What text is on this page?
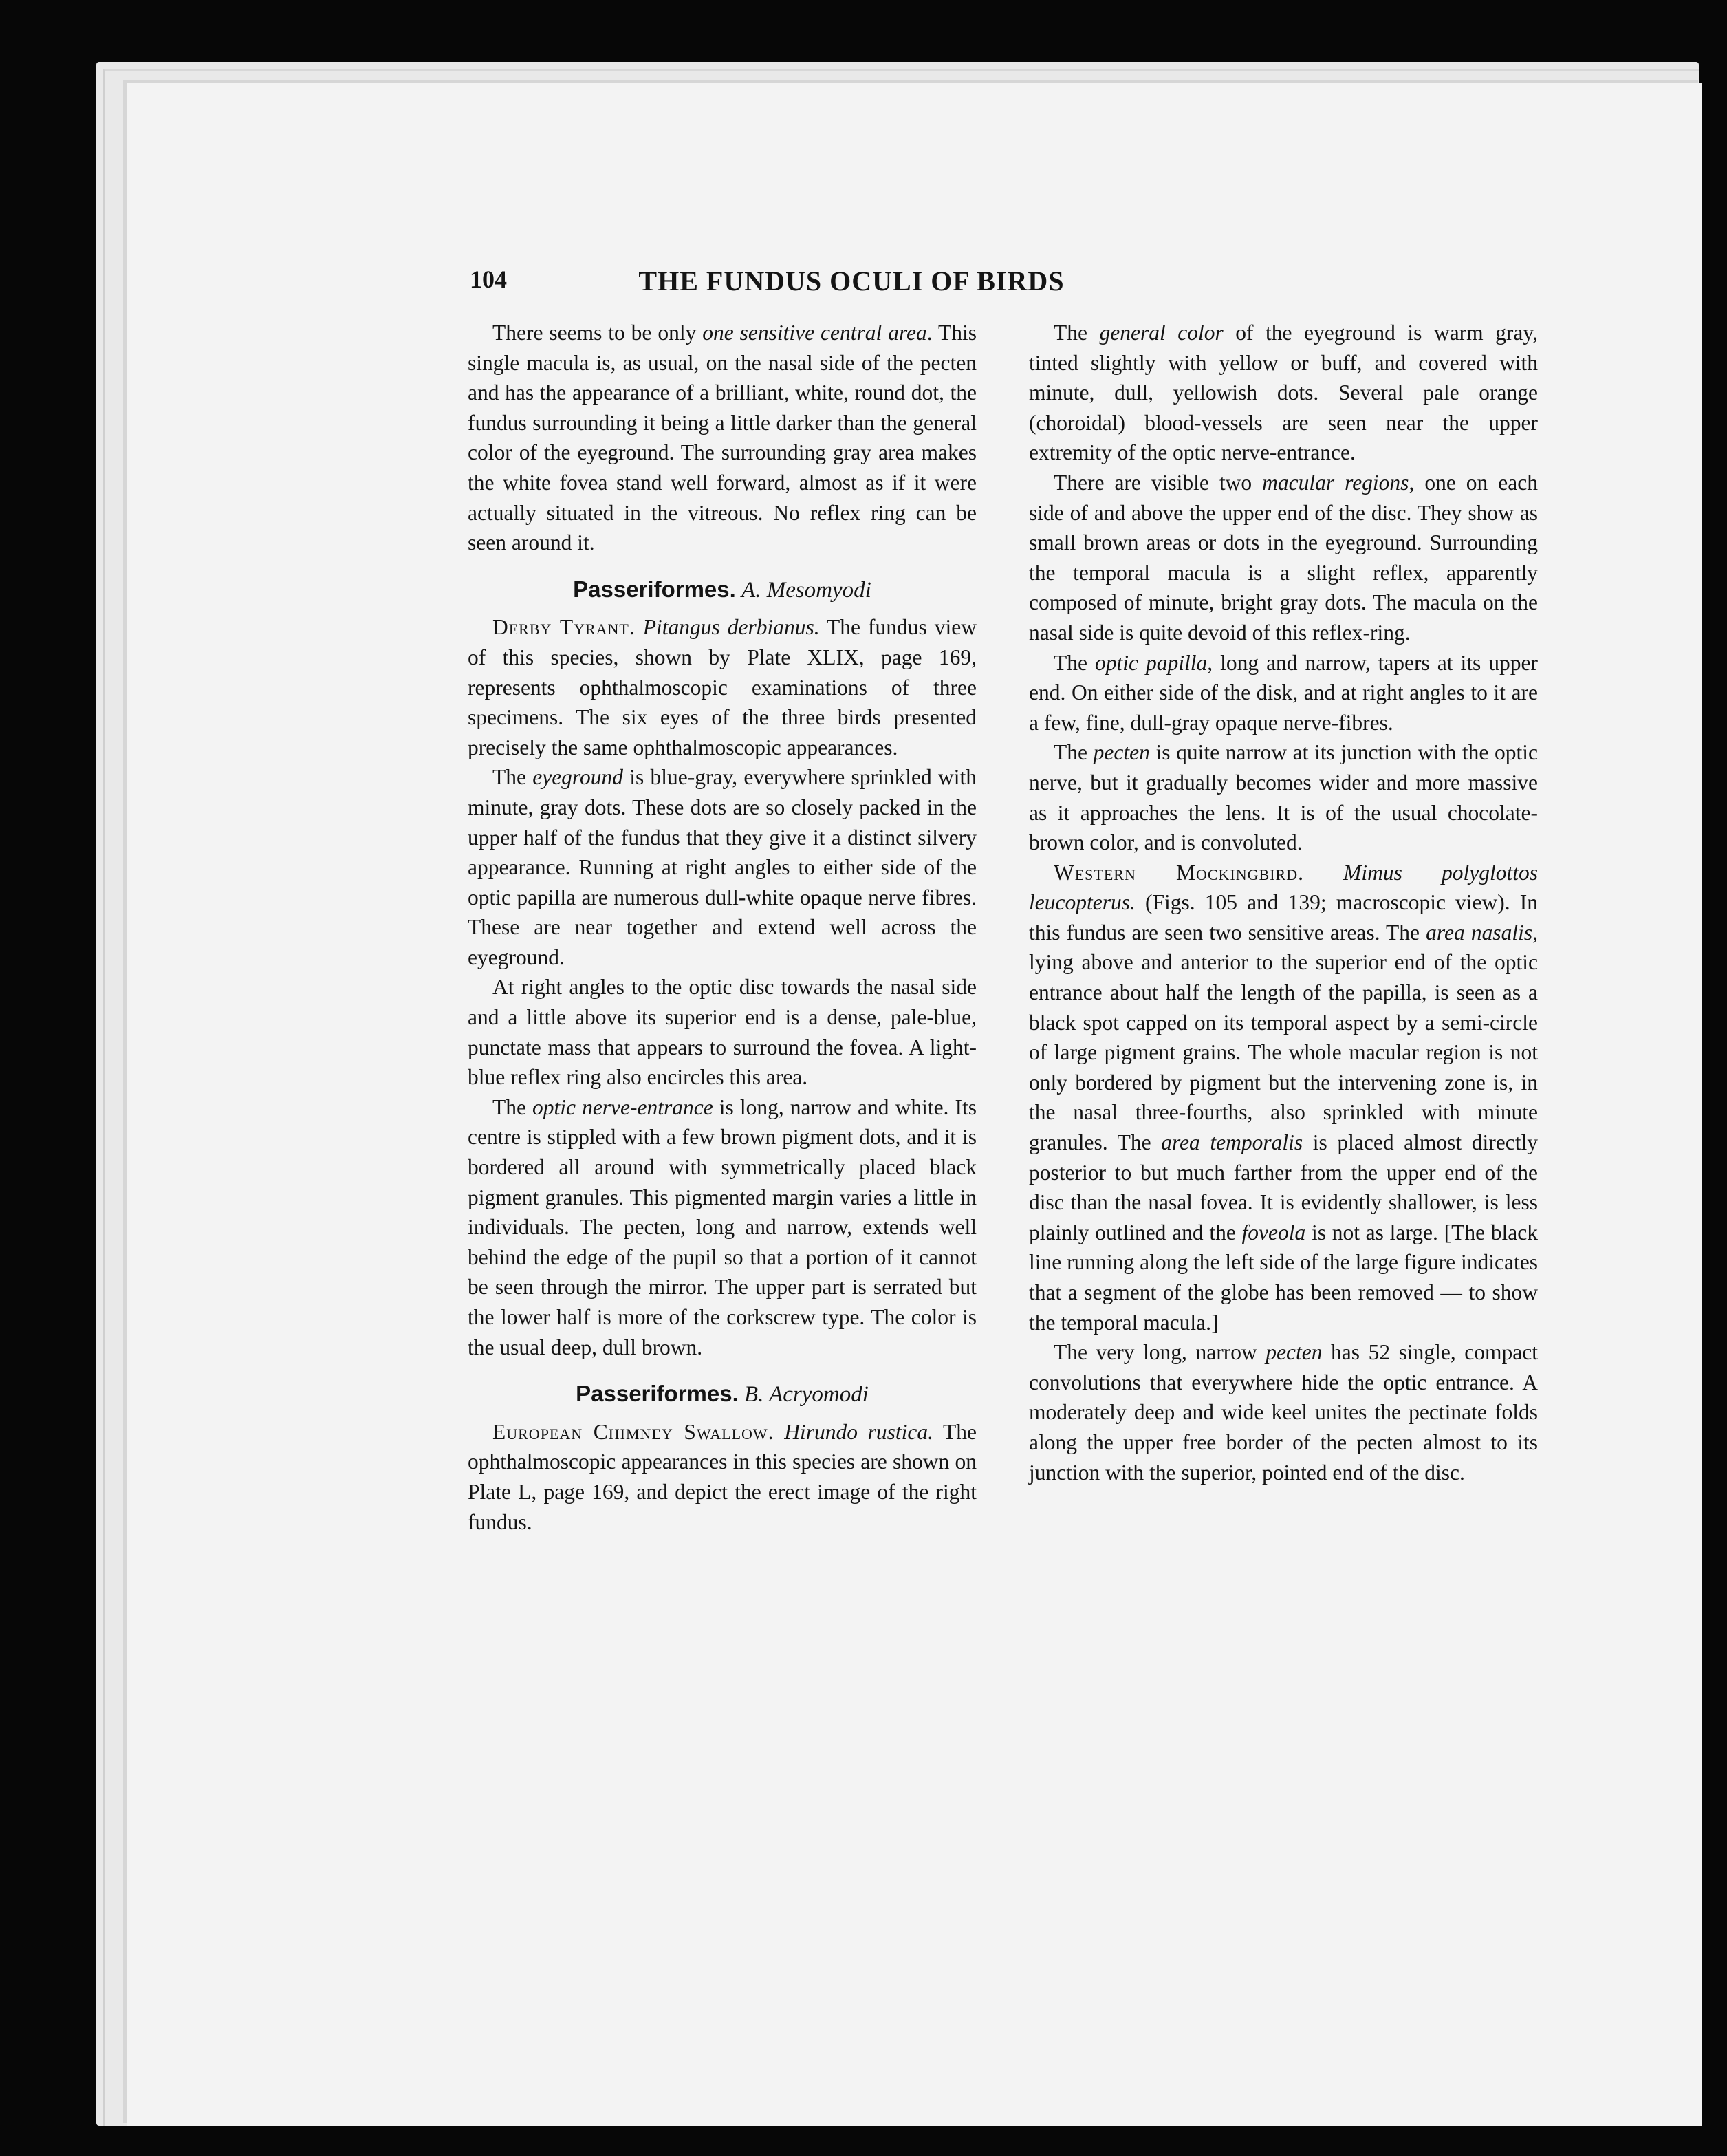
104	THE FUNDUS OCULI OF BIRDS

There seems to be only one sensitive central area. This single macula is, as usual, on the nasal side of the pecten and has the appearance of a brilliant, white, round dot, the fundus surrounding it being a little darker than the general color of the eyeground. The surrounding gray area makes the white fovea stand well forward, almost as if it were actually situated in the vitreous. No reflex ring can be seen around it.

Passeriformes. A. Mesomyodi

Derby Tyrant. Pitangus derbianus. The fundus view of this species, shown by Plate XLIX, page 169, represents ophthalmoscopic examinations of three specimens. The six eyes of the three birds presented precisely the same ophthalmoscopic appearances.

The eyeground is blue-gray, everywhere sprinkled with minute, gray dots. These dots are so closely packed in the upper half of the fundus that they give it a distinct silvery appearance. Running at right angles to either side of the optic papilla are numerous dull-white opaque nerve fibres. These are near together and extend well across the eyeground.

At right angles to the optic disc towards the nasal side and a little above its superior end is a dense, pale-blue, punctate mass that appears to surround the fovea. A light-blue reflex ring also encircles this area.

The optic nerve-entrance is long, narrow and white. Its centre is stippled with a few brown pigment dots, and it is bordered all around with symmetrically placed black pigment granules. This pigmented margin varies a little in individuals. The pecten, long and narrow, extends well behind the edge of the pupil so that a portion of it cannot be seen through the mirror. The upper part is serrated but the lower half is more of the corkscrew type. The color is the usual deep, dull brown.

Passeriformes. B. Acryomodi

European Chimney Swallow. Hirundo rustica. The ophthalmoscopic appearances in this species are shown on Plate L, page 169, and depict the erect image of the right fundus.

The general color of the eyeground is warm gray, tinted slightly with yellow or buff, and covered with minute, dull, yellowish dots. Several pale orange (choroidal) blood-vessels are seen near the upper extremity of the optic nerve-entrance.

There are visible two macular regions, one on each side of and above the upper end of the disc. They show as small brown areas or dots in the eyeground. Surrounding the temporal macula is a slight reflex, apparently composed of minute, bright gray dots. The macula on the nasal side is quite devoid of this reflex-ring.

The optic papilla, long and narrow, tapers at its upper end. On either side of the disk, and at right angles to it are a few, fine, dull-gray opaque nerve-fibres.

The pecten is quite narrow at its junction with the optic nerve, but it gradually becomes wider and more massive as it approaches the lens. It is of the usual chocolate-brown color, and is convoluted.

Western Mockingbird. Mimus polyglottos leucopterus. (Figs. 105 and 139; macroscopic view). In this fundus are seen two sensitive areas. The area nasalis, lying above and anterior to the superior end of the optic entrance about half the length of the papilla, is seen as a black spot capped on its temporal aspect by a semi-circle of large pigment grains. The whole macular region is not only bordered by pigment but the intervening zone is, in the nasal three-fourths, also sprinkled with minute granules. The area temporalis is placed almost directly posterior to but much farther from the upper end of the disc than the nasal fovea. It is evidently shallower, is less plainly outlined and the foveola is not as large. [The black line running along the left side of the large figure indicates that a segment of the globe has been removed — to show the temporal macula.]

The very long, narrow pecten has 52 single, compact convolutions that everywhere hide the optic entrance. A moderately deep and wide keel unites the pectinate folds along the upper free border of the pecten almost to its junction with the superior, pointed end of the disc.
